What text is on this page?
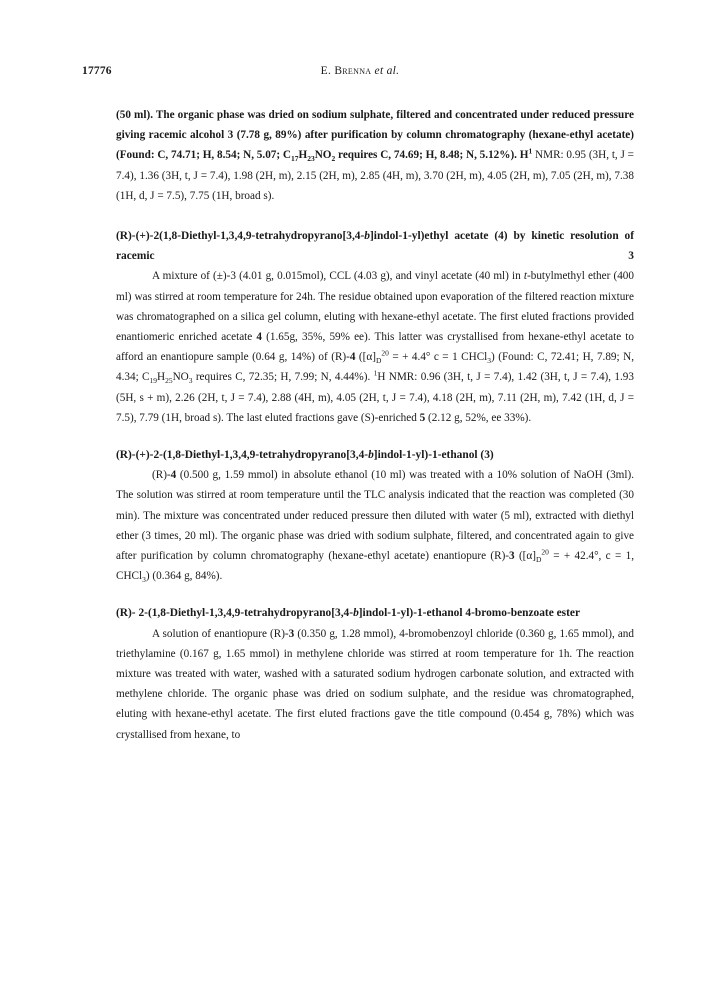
17776	E. Brenna et al.

(50 ml). The organic phase was dried on sodium sulphate, filtered and concentrated under reduced pressure giving racemic alcohol 3 (7.78 g, 89%) after purification by column chromatography (hexane-ethyl acetate) (Found: C, 74.71; H, 8.54; N, 5.07; $C_{17}H_{23}NO_2$ requires C, 74.69; H, 8.48; N, 5.12%). $H^1$ NMR: 0.95 (3H, t, J = 7.4), 1.36 (3H, t, J = 7.4), 1.98 (2H, m), 2.15 (2H, m), 2.85 (4H, m), 3.70 (2H, m), 4.05 (2H, m), 7.05 (2H, m), 7.38 (1H, d, J = 7.5), 7.75 (1H, broad s).

(R)-(+)-2(1,8-Diethyl-1,3,4,9-tetrahydropyrano[3,4-b]indol-1-yl)ethyl acetate (4) by kinetic resolution of racemic 3

A mixture of (±)-3 (4.01 g, 0.015mol), CCL (4.03 g), and vinyl acetate (40 ml) in t-butylmethyl ether (400 ml) was stirred at room temperature for 24h. The residue obtained upon evaporation of the filtered reaction mixture was chromatographed on a silica gel column, eluting with hexane-ethyl acetate. The first eluted fractions provided enantiomeric enriched acetate 4 (1.65g, 35%, 59% ee). This latter was crystallised from hexane-ethyl acetate to afford an enantiopure sample (0.64 g, 14%) of (R)-4 ($[\alpha]_D^{20}$ = + 4.4° c = 1 CHCl$_3$) (Found: C, 72.41; H, 7.89; N, 4.34; $C_{19}H_{25}NO_3$ requires C, 72.35; H, 7.99; N, 4.44%). $^1$H NMR: 0.96 (3H, t, J = 7.4), 1.42 (3H, t, J = 7.4), 1.93 (5H, s + m), 2.26 (2H, t, J = 7.4), 2.88 (4H, m), 4.05 (2H, t, J = 7.4), 4.18 (2H, m), 7.11 (2H, m), 7.42 (1H, d, J = 7.5), 7.79 (1H, broad s). The last eluted fractions gave (S)-enriched 5 (2.12 g, 52%, ee 33%).

(R)-(+)-2-(1,8-Diethyl-1,3,4,9-tetrahydropyrano[3,4-b]indol-1-yl)-1-ethanol (3)

(R)-4 (0.500 g, 1.59 mmol) in absolute ethanol (10 ml) was treated with a 10% solution of NaOH (3ml). The solution was stirred at room temperature until the TLC analysis indicated that the reaction was completed (30 min). The mixture was concentrated under reduced pressure then diluted with water (5 ml), extracted with diethyl ether (3 times, 20 ml). The organic phase was dried with sodium sulphate, filtered, and concentrated again to give after purification by column chromatography (hexane-ethyl acetate) enantiopure (R)-3 ($[\alpha]_D^{20}$ = + 42.4°, c = 1, CHCl$_3$) (0.364 g, 84%).

(R)- 2-(1,8-Diethyl-1,3,4,9-tetrahydropyrano[3,4-b]indol-1-yl)-1-ethanol 4-bromo-benzoate ester

A solution of enantiopure (R)-3 (0.350 g, 1.28 mmol), 4-bromobenzoyl chloride (0.360 g, 1.65 mmol), and triethylamine (0.167 g, 1.65 mmol) in methylene chloride was stirred at room temperature for 1h. The reaction mixture was treated with water, washed with a saturated sodium hydrogen carbonate solution, and extracted with methylene chloride. The organic phase was dried on sodium sulphate, and the residue was chromatographed, eluting with hexane-ethyl acetate. The first eluted fractions gave the title compound (0.454 g, 78%) which was crystallised from hexane, to
